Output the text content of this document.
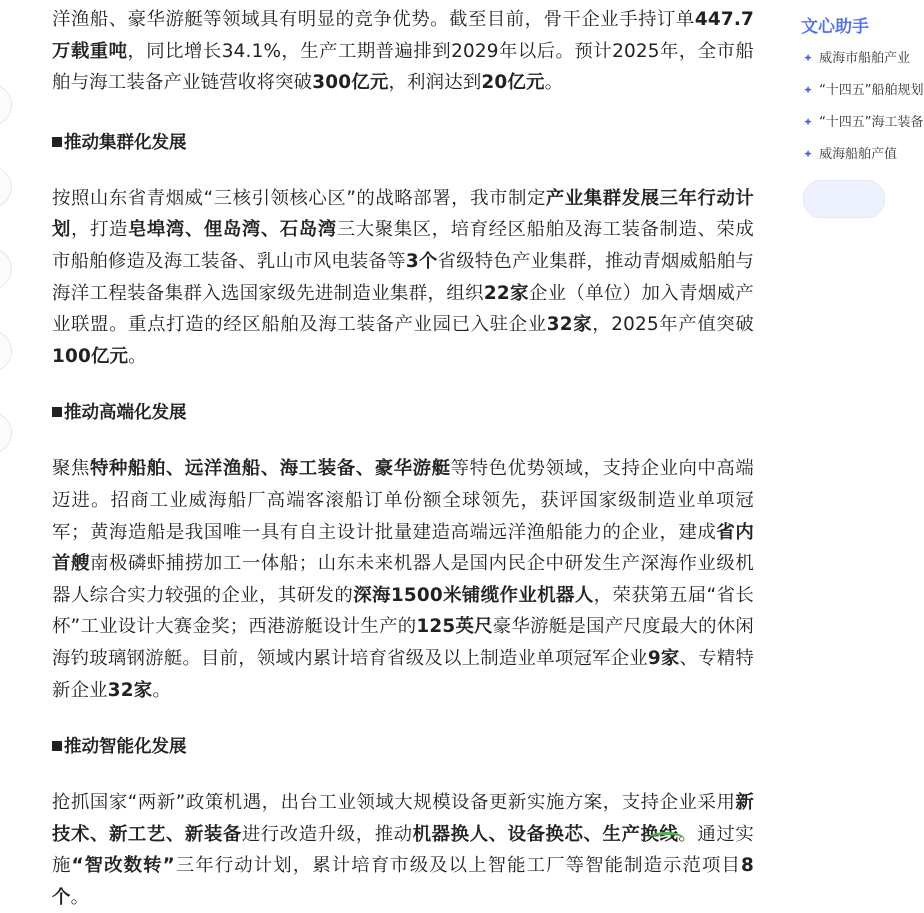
洋渔船、豪华游艇等领域具有明显的竞争优势。截至目前，骨干企业手持订单447.7万载重吨，同比增长34.1%，生产工期普遍排到2029年以后。预计2025年，全市船舶与海工装备产业链营收将突破300亿元，利润达到20亿元。

推动集群化发展

按照山东省青烟威“三核引领核心区”的战略部署，我市制定产业集群发展三年行动计划，打造皂埠湾、俚岛湾、石岛湾三大聚集区，培育经区船舶及海工装备制造、荣成市船舶修造及海工装备、乳山市风电装备等3个省级特色产业集群，推动青烟威船舶与海洋工程装备集群入选国家级先进制造业集群，组织22家企业（单位）加入青烟威产业联盟。重点打造的经区船舶及海工装备产业园已入驻企业32家，2025年产值突破100亿元。

推动高端化发展

聚焦特种船舶、远洋渔船、海工装备、豪华游艇等特色优势领域，支持企业向中高端迈进。招商工业威海船厂高端客滚船订单份额全球领先，获评国家级制造业单项冠军；黄海造船是我国唯一具有自主设计批量建造高端远洋渔船能力的企业，建成省内首艘南极磷虾捕捞加工一体船；山东未来机器人是国内民企中研发生产深海作业级机器人综合实力较强的企业，其研发的深海1500米铺缆作业机器人，荣获第五届“省长杯”工业设计大赛金奖；西港游艇设计生产的125英尺豪华游艇是国产尺度最大的休闲海钓玻璃钢游艇。目前，领域内累计培育省级及以上制造业单项冠军企业9家、专精特新企业32家。

推动智能化发展

抢抓国家“两新”政策机遇，出台工业领域大规模设备更新实施方案，支持企业采用新技术、新工艺、新装备进行改造升级，推动机器换人、设备换芯、生产换线。通过实施“智改数转”三年行动计划，累计培育市级及以上智能工厂等智能制造示范项目8个。

文心助手
✦ 威海市船舶产业
✦ “十四五”船舶规划
✦ “十四五”海工装备
✦ 威海船舶产值
